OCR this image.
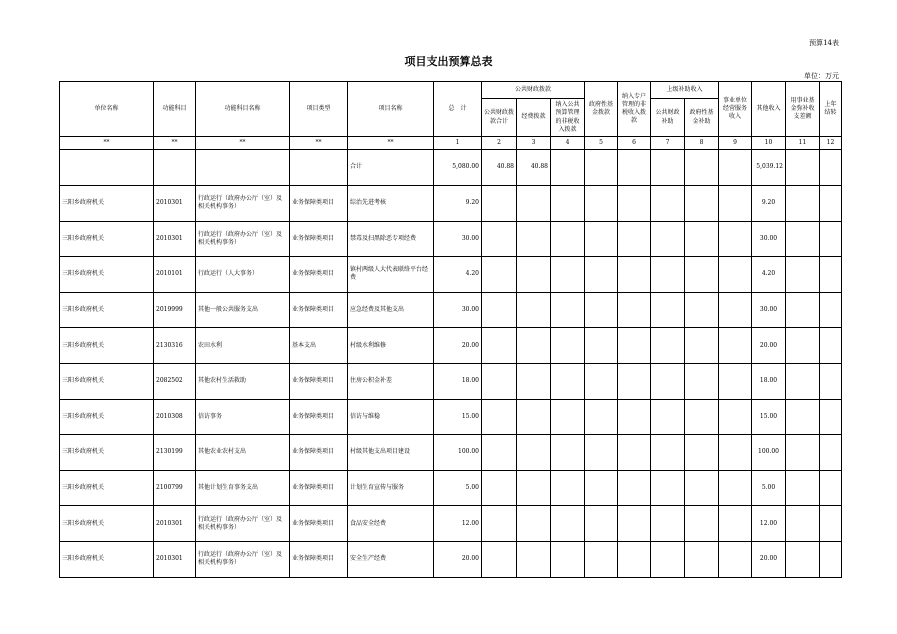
预算14表
项目支出预算总表
单位：万元
单位名称	功能科目	功能科目名称	项目类型	项目名称	总　计	公共财政拨款			政府性基金拨款	纳入专户管理的非税收入拨款	上级补助收入		事业单位经营服务收入	其他收入	用事业基金弥补收支差额	上年结转
						公共财政拨款合计	经费拨款	纳入公共预算管理的非税收入拨款			公共财政补助	政府性基金补助				
**	**	**	**	**	1	2	3	4	5	6	7	8	9	10	11	12
				合计	5,080.00	40.88	40.88							5,039.12		
三阳乡政府机关	2010301	行政运行（政府办公厅（室）及相关机构事务）	业务保障类项目	综治先进考核	9.20									9.20		
三阳乡政府机关	2010301	行政运行（政府办公厅（室）及相关机构事务）	业务保障类项目	禁毒及扫黑除恶专项经费	30.00									30.00		
三阳乡政府机关	2010101	行政运行（人大事务）	业务保障类项目	镇村两级人大代表联络平台经费	4.20									4.20		
三阳乡政府机关	2019999	其他一般公共服务支出	业务保障类项目	应急经费及其他支出	30.00									30.00		
三阳乡政府机关	2130316	农田水利	基本支出	村级水利维修	20.00									20.00		
三阳乡政府机关	2082502	其他农村生活救助	业务保障类项目	住房公积金补差	18.00									18.00		
三阳乡政府机关	2010308	信访事务	业务保障类项目	信访与维稳	15.00									15.00		
三阳乡政府机关	2130199	其他农业农村支出	业务保障类项目	村级其他支出项目建设	100.00									100.00		
三阳乡政府机关	2100799	其他计划生育事务支出	业务保障类项目	计划生育宣传与服务	5.00									5.00		
三阳乡政府机关	2010301	行政运行（政府办公厅（室）及相关机构事务）	业务保障类项目	食品安全经费	12.00									12.00		
三阳乡政府机关	2010301	行政运行（政府办公厅（室）及相关机构事务）	业务保障类项目	安全生产经费	20.00									20.00		
